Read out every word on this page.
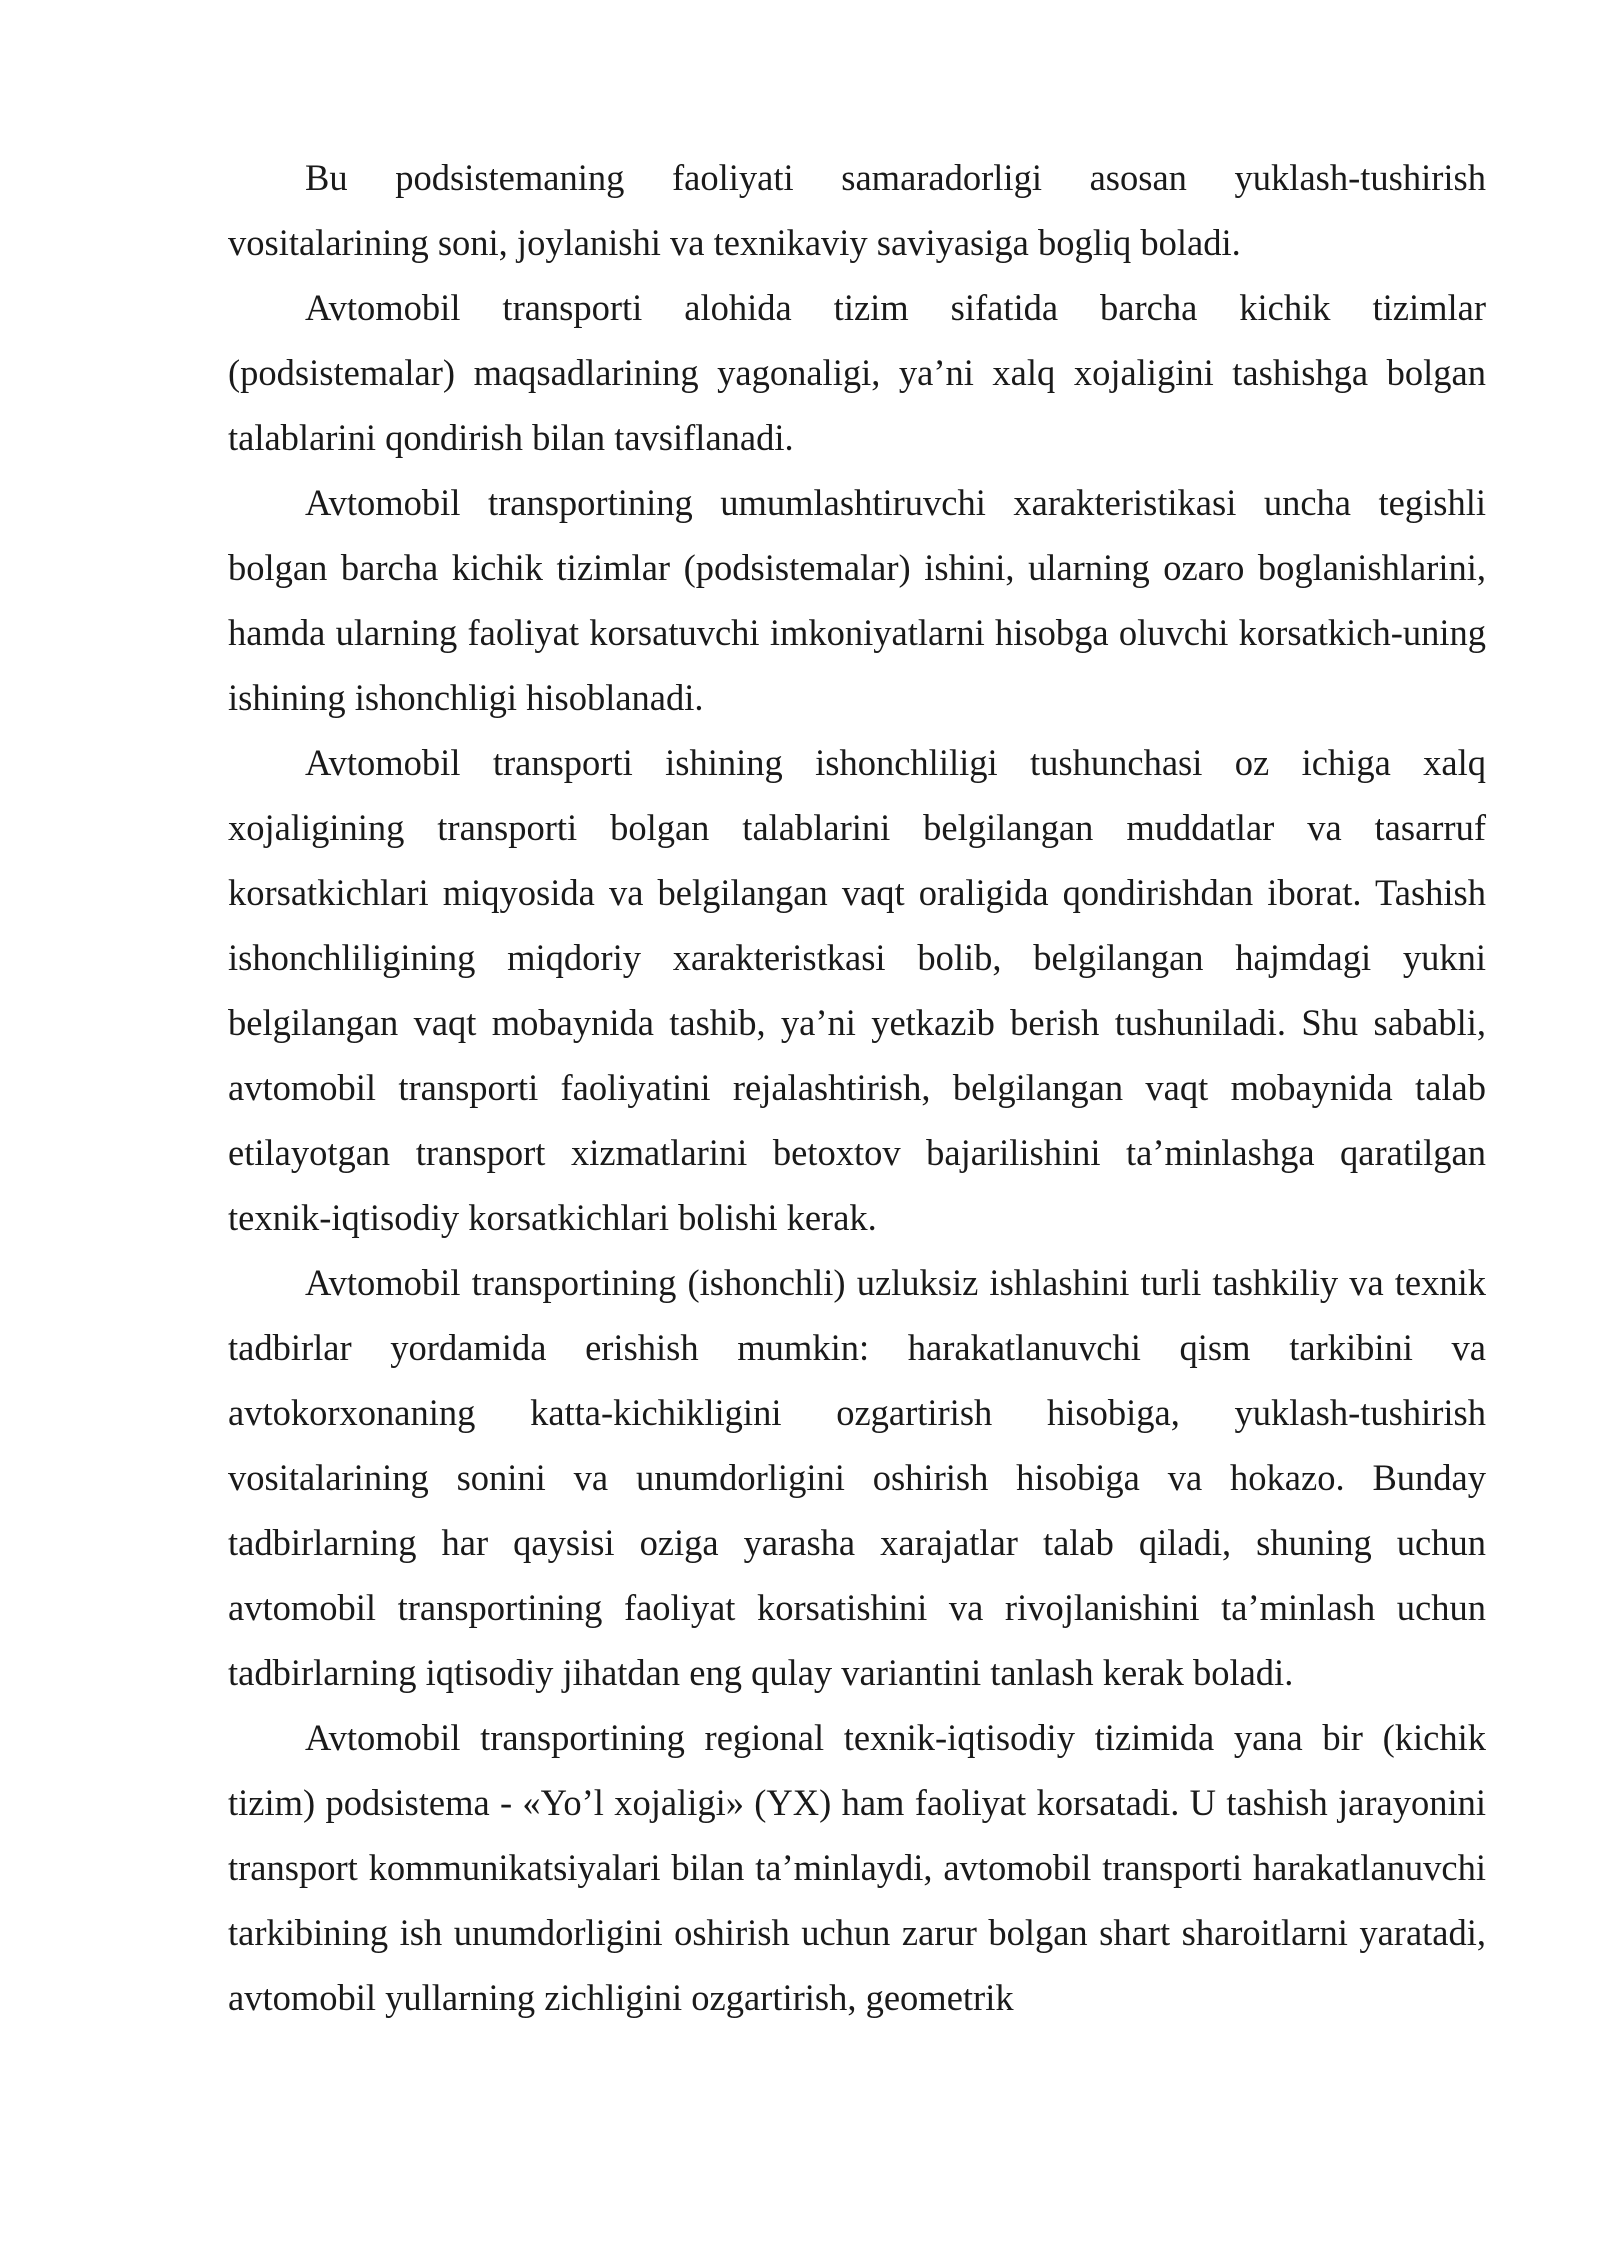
Bu podsistemaning faoliyati samaradorligi asosan yuklash-tushirish vositalarining soni, joylanishi va texnikaviy saviyasiga bogliq boladi.

Avtomobil transporti alohida tizim sifatida barcha kichik tizimlar (podsistemalar) maqsadlarining yagonaligi, ya’ni xalq xojaligini tashishga bolgan talablarini qondirish bilan tavsiflanadi.

Avtomobil transportining umumlashtiruvchi xarakteristikasi uncha tegishli bolgan barcha kichik tizimlar (podsistemalar) ishini, ularning ozaro boglanishlarini, hamda ularning faoliyat korsatuvchi imkoniyatlarni hisobga oluvchi korsatkich-uning ishining ishonchligi hisoblanadi.

Avtomobil transporti ishining ishonchliligi tushunchasi oz ichiga xalq xojaligining transporti bolgan talablarini belgilangan muddatlar va tasarruf korsatkichlari miqyosida va belgilangan vaqt oraligida qondirishdan iborat. Tashish ishonchliligining miqdoriy xarakteristkasi bolib, belgilangan hajmdagi yukni belgilangan vaqt mobaynida tashib, ya’ni yetkazib berish tushuniladi. Shu sababli, avtomobil transporti faoliyatini rejalashtirish, belgilangan vaqt mobaynida talab etilayotgan transport xizmatlarini betoxtov bajarilishini ta’minlashga qaratilgan texnik-iqtisodiy korsatkichlari bolishi kerak.

Avtomobil transportining (ishonchli) uzluksiz ishlashini turli tashkiliy va texnik tadbirlar yordamida erishish mumkin: harakatlanuvchi qism tarkibini va avtokorxonaning katta-kichikligini ozgartirish hisobiga, yuklash-tushirish vositalarining sonini va unumdorligini oshirish hisobiga va hokazo. Bunday tadbirlarning har qaysisi oziga yarasha xarajatlar talab qiladi, shuning uchun avtomobil transportining faoliyat korsatishini va rivojlanishini ta’minlash uchun tadbirlarning iqtisodiy jihatdan eng qulay variantini tanlash kerak boladi.

Avtomobil transportining regional texnik-iqtisodiy tizimida yana bir (kichik tizim) podsistema - «Yo’l xojaligi» (YX) ham faoliyat korsatadi. U tashish jarayonini transport kommunikatsiyalari bilan ta’minlaydi, avtomobil transporti harakatlanuvchi tarkibining ish unumdorligini oshirish uchun zarur bolgan shart sharoitlarni yaratadi, avtomobil yullarning zichligini ozgartirish, geometrik
